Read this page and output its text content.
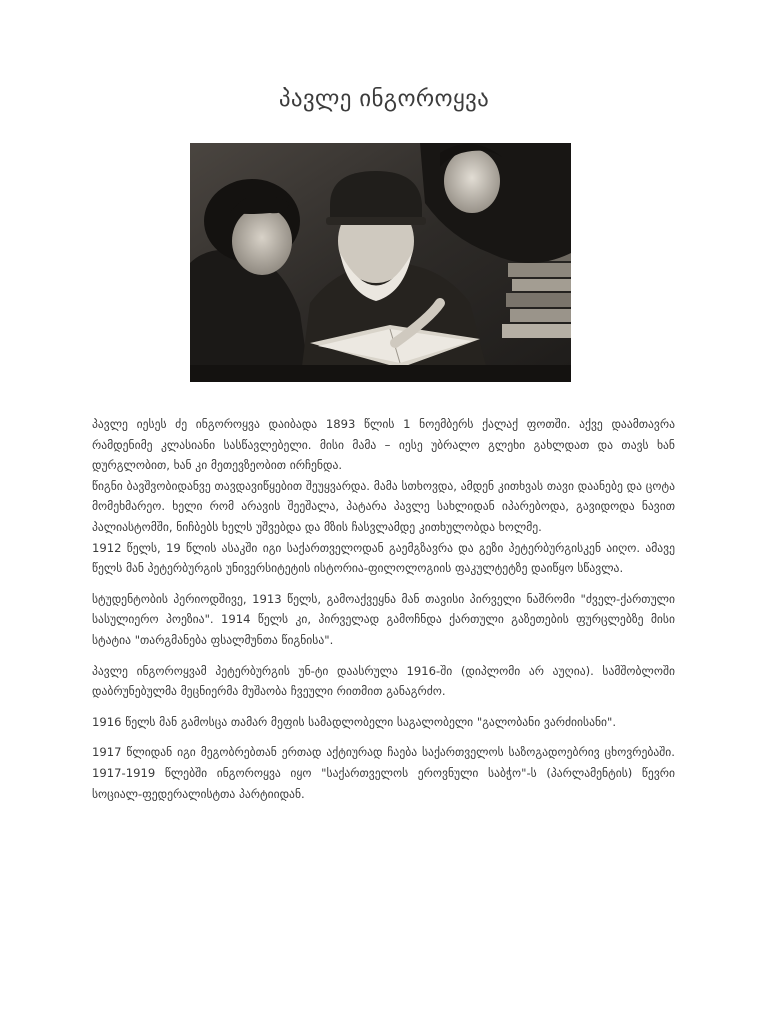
პავლე ინგოროყვა

პავლე იესეს ძე ინგოროყვა დაიბადა 1893 წლის 1 ნოემბერს ქალაქ ფოთში. აქვე დაამთავრა რამდენიმე კლასიანი სასწავლებელი. მისი მამა – იესე უბრალო გლეხი გახლდათ და თავს ხან დურგლობით, ხან კი მეთევზეობით ირჩენდა.

წიგნი ბავშვობიდანვე თავდავიწყებით შეუყვარდა. მამა სთხოვდა, ამდენ კითხვას თავი დაანებე და ცოტა მომეხმარეო. ხელი რომ არავის შეეშალა, პატარა პავლე სახლიდან იპარებოდა, გავიდოდა ნავით პალიასტომში, ნიჩბებს ხელს უშვებდა და მზის ჩასვლამდე კითხულობდა ხოლმე.

1912 წელს, 19 წლის ასაკში იგი საქართველოდან გაემგზავრა და გეზი პეტერბურგისკენ აიღო. ამავე წელს მან პეტერბურგის უნივერსიტეტის ისტორია-ფილოლოგიის ფაკულტეტზე დაიწყო სწავლა.

სტუდენტობის პერიოდშივე, 1913 წელს, გამოაქვეყნა მან თავისი პირველი ნაშრომი "ძველ-ქართული სასულიერო პოეზია". 1914 წელს კი, პირველად გამოჩნდა ქართული გაზეთების ფურცლებზე მისი სტატია "თარგმანება ფსალმუნთა წიგნისა".

პავლე ინგოროყვამ პეტერბურგის უნ-ტი დაასრულა 1916-ში (დიპლომი არ აუღია). სამშობლოში დაბრუნებულმა მეცნიერმა მუშაობა ჩვეული რითმით განაგრძო.

1916 წელს მან გამოსცა თამარ მეფის სამადლობელი საგალობელი "გალობანი ვარძიისანი".

1917 წლიდან იგი მეგობრებთან ერთად აქტიურად ჩაება საქართველოს საზოგადოებრივ ცხოვრებაში. 1917-1919 წლებში ინგოროყვა იყო "საქართველოს ეროვნული საბჭო"-ს (პარლამენტის) წევრი სოციალ-ფედერალისტთა პარტიიდან.
